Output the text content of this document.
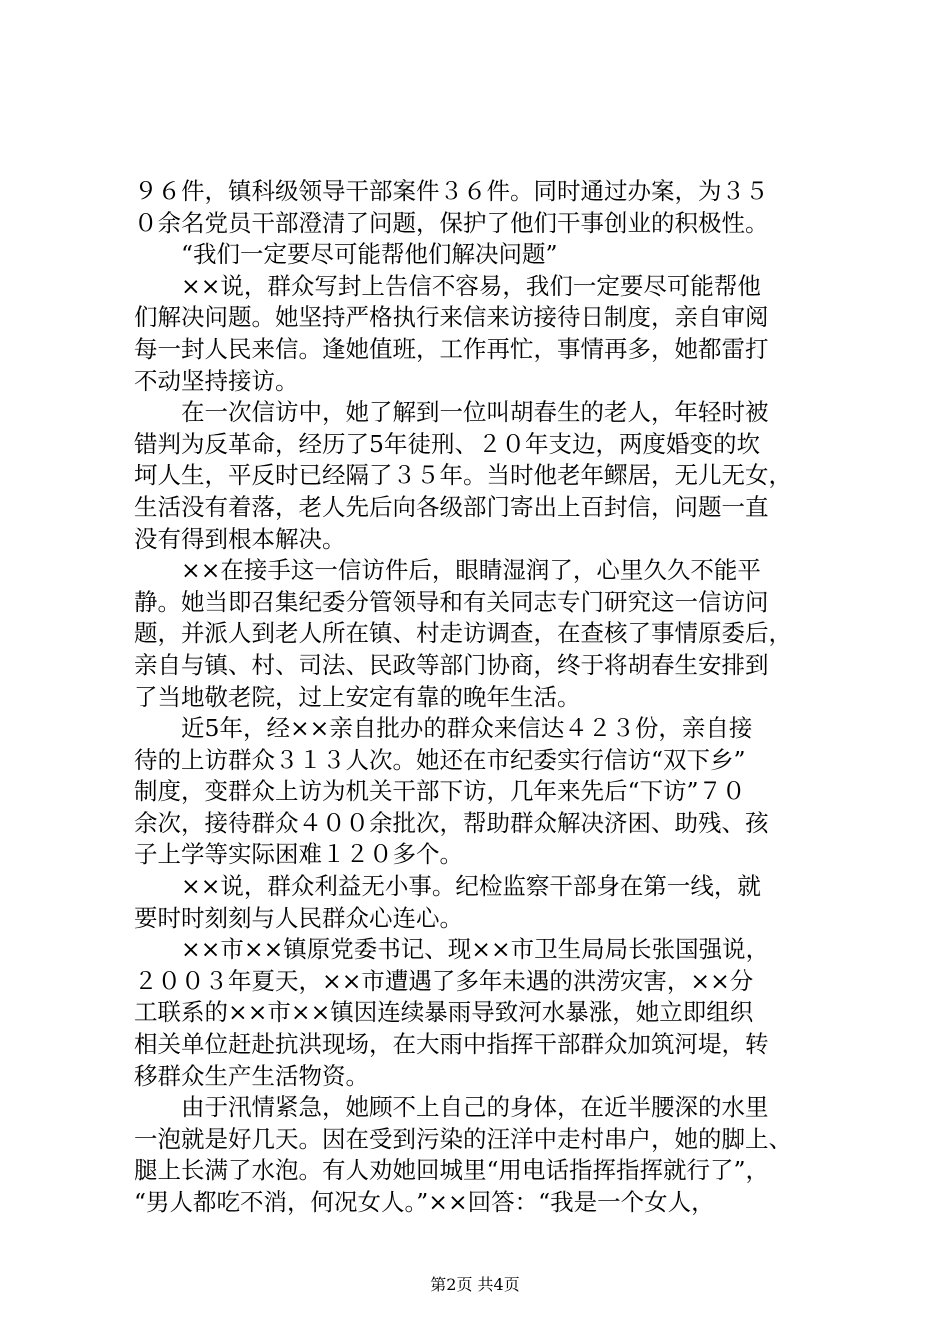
９６件，镇科级领导干部案件３６件。同时通过办案，为３５
０余名党员干部澄清了问题，保护了他们干事创业的积极性。
“我们一定要尽可能帮他们解决问题”
××说，群众写封上告信不容易，我们一定要尽可能帮他
们解决问题。她坚持严格执行来信来访接待日制度，亲自审阅
每一封人民来信。逢她值班，工作再忙，事情再多，她都雷打
不动坚持接访。
在一次信访中，她了解到一位叫胡春生的老人，年轻时被
错判为反革命，经历了5年徒刑、２０年支边，两度婚变的坎
坷人生，平反时已经隔了３５年。当时他老年鳏居，无儿无女，
生活没有着落，老人先后向各级部门寄出上百封信，问题一直
没有得到根本解决。
××在接手这一信访件后，眼睛湿润了，心里久久不能平
静。她当即召集纪委分管领导和有关同志专门研究这一信访问
题，并派人到老人所在镇、村走访调查，在查核了事情原委后，
亲自与镇、村、司法、民政等部门协商，终于将胡春生安排到
了当地敬老院，过上安定有靠的晚年生活。
近5年，经××亲自批办的群众来信达４２３份，亲自接
待的上访群众３１３人次。她还在市纪委实行信访“双下乡”
制度，变群众上访为机关干部下访，几年来先后“下访”７０
余次，接待群众４００余批次，帮助群众解决济困、助残、孩
子上学等实际困难１２０多个。
××说，群众利益无小事。纪检监察干部身在第一线，就
要时时刻刻与人民群众心连心。
××市××镇原党委书记、现××市卫生局局长张国强说，
２００３年夏天，××市遭遇了多年未遇的洪涝灾害，××分
工联系的××市××镇因连续暴雨导致河水暴涨，她立即组织
相关单位赶赴抗洪现场，在大雨中指挥干部群众加筑河堤，转
移群众生产生活物资。
由于汛情紧急，她顾不上自己的身体，在近半腰深的水里
一泡就是好几天。因在受到污染的汪洋中走村串户，她的脚上、
腿上长满了水泡。有人劝她回城里“用电话指挥指挥就行了”，
“男人都吃不消，何况女人。”××回答：“我是一个女人，
第2页 共4页
